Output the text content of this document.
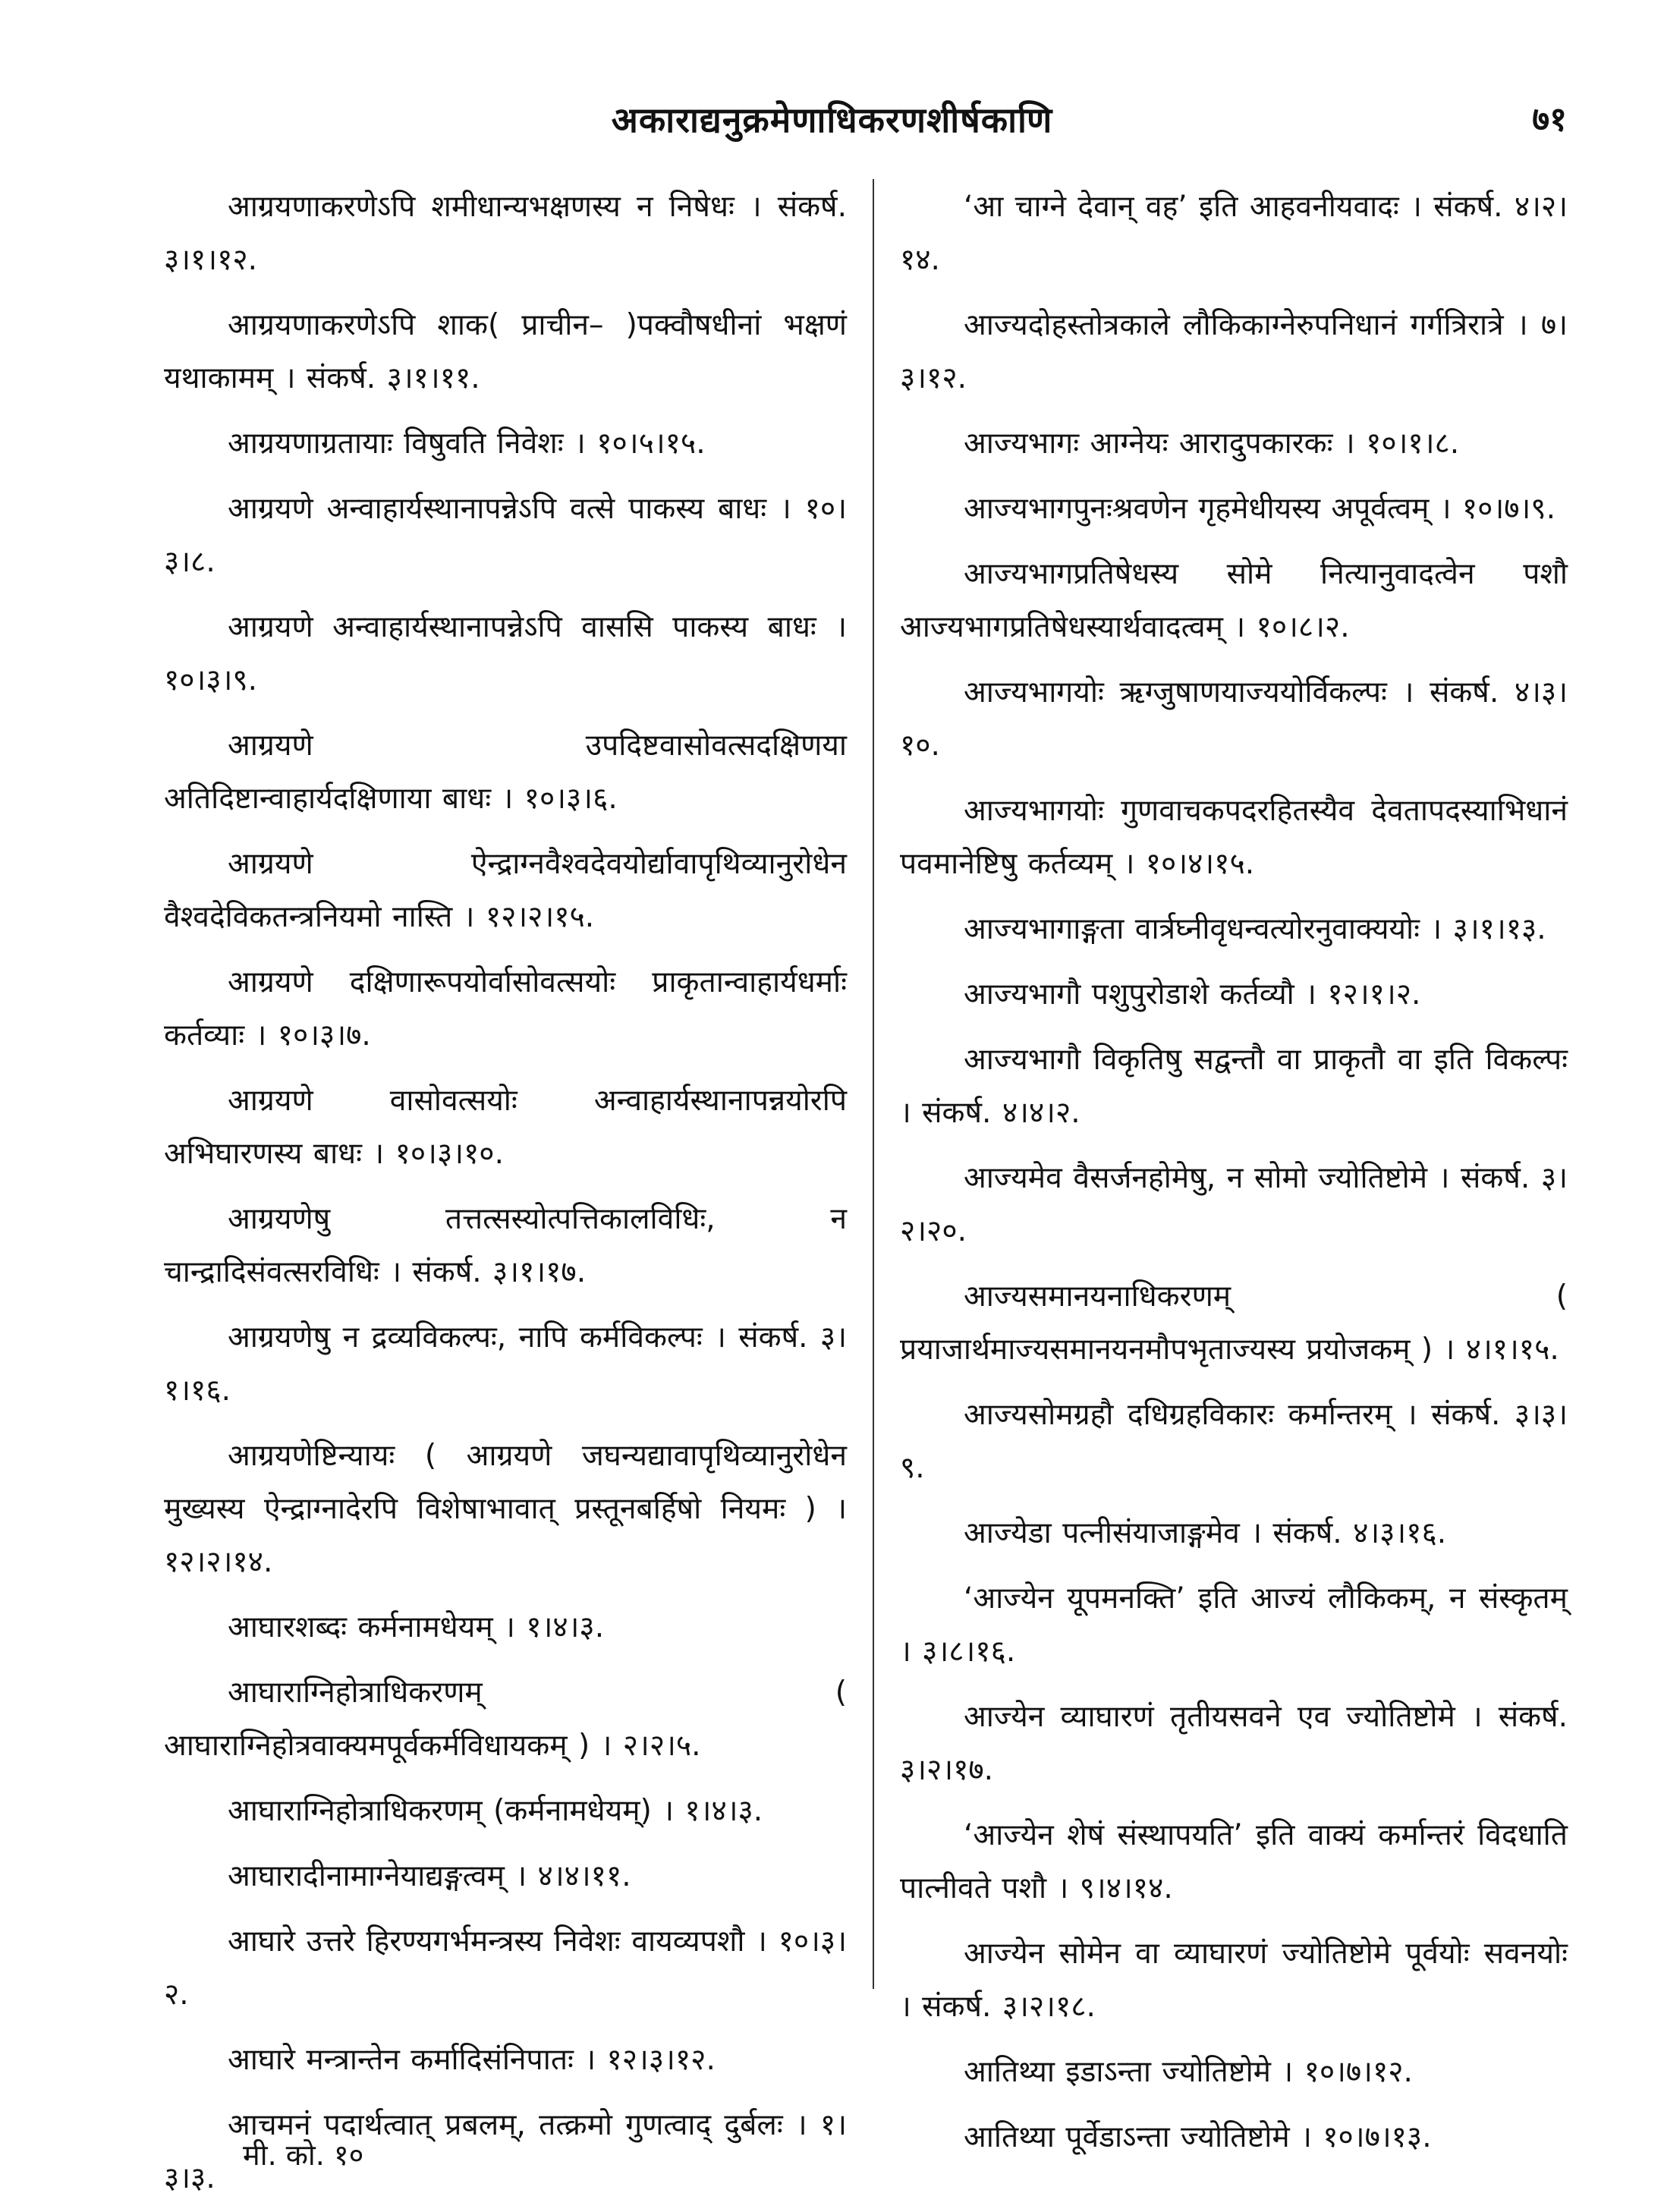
अकाराद्यनुक्रमेणाधिकरणशीर्षकाणि	७१

आग्रयणाकरणेऽपि शमीधान्यभक्षणस्य न निषेधः । संकर्ष. ३।१।१२.

आग्रयणाकरणेऽपि शाक( प्राचीन– )पक्वौषधीनां भक्षणं यथाकामम् । संकर्ष. ३।१।११.

आग्रयणाग्रतायाः विषुवति निवेशः । १०।५।१५.

आग्रयणे अन्वाहार्यस्थानापन्नेऽपि वत्से पाकस्य बाधः । १०।३।८.

आग्रयणे अन्वाहार्यस्थानापन्नेऽपि वाससि पाकस्य बाधः । १०।३।९.

आग्रयणे उपदिष्टवासोवत्सदक्षिणया अतिदिष्टान्वाहार्यदक्षिणाया बाधः । १०।३।६.

आग्रयणे ऐन्द्राग्नवैश्वदेवयोर्द्यावापृथिव्यानुरोधेन वैश्वदेविकतन्त्रनियमो नास्ति । १२।२।१५.

आग्रयणे दक्षिणारूपयोर्वासोवत्सयोः प्राकृतान्वाहार्यधर्माः कर्तव्याः । १०।३।७.

आग्रयणे वासोवत्सयोः अन्वाहार्यस्थानापन्नयोरपि अभिघारणस्य बाधः । १०।३।१०.

आग्रयणेषु तत्तत्सस्योत्पत्तिकालविधिः, न चान्द्रादिसंवत्सरविधिः । संकर्ष. ३।१।१७.

आग्रयणेषु न द्रव्यविकल्पः, नापि कर्मविकल्पः । संकर्ष. ३।१।१६.

आग्रयणेष्टिन्यायः ( आग्रयणे जघन्यद्यावापृथिव्यानुरोधेन मुख्यस्य ऐन्द्राग्नादेरपि विशेषाभावात् प्रस्तूनबर्हिषो नियमः ) । १२।२।१४.

आघारशब्दः कर्मनामधेयम् । १।४।३.

आघाराग्निहोत्राधिकरणम् ( आघाराग्निहोत्रवाक्यमपूर्वकर्मविधायकम् ) । २।२।५.

आघाराग्निहोत्राधिकरणम् (कर्मनामधेयम्) । १।४।३.

आघारादीनामाग्नेयाद्यङ्गत्वम् । ४।४।११.

आघारे उत्तरे हिरण्यगर्भमन्त्रस्य निवेशः वायव्यपशौ । १०।३।२.

आघारे मन्त्रान्तेन कर्मादिसंनिपातः । १२।३।१२.

आचमनं पदार्थत्वात् प्रबलम्, तत्क्रमो गुणत्वाद् दुर्बलः । १।३।३.

‘आ चाग्ने देवान् वह’ इति आहवनीयवादः । संकर्ष. ४।२।१४.

आज्यदोहस्तोत्रकाले लौकिकाग्नेरुपनिधानं गर्गत्रिरात्रे । ७।३।१२.

आज्यभागः आग्नेयः आरादुपकारकः । १०।१।८.

आज्यभागपुनःश्रवणेन गृहमेधीयस्य अपूर्वत्वम् । १०।७।९.

आज्यभागप्रतिषेधस्य सोमे नित्यानुवादत्वेन पशौ आज्यभागप्रतिषेधस्यार्थवादत्वम् । १०।८।२.

आज्यभागयोः ऋग्जुषाणयाज्ययोर्विकल्पः । संकर्ष. ४।३।१०.

आज्यभागयोः गुणवाचकपदरहितस्यैव देवतापदस्याभिधानं पवमानेष्टिषु कर्तव्यम् । १०।४।१५.

आज्यभागाङ्गता वार्त्रघ्नीवृधन्वत्योरनुवाक्ययोः । ३।१।१३.

आज्यभागौ पशुपुरोडाशे कर्तव्यौ । १२।१।२.

आज्यभागौ विकृतिषु सद्वन्तौ वा प्राकृतौ वा इति विकल्पः । संकर्ष. ४।४।२.

आज्यमेव वैसर्जनहोमेषु, न सोमो ज्योतिष्टोमे । संकर्ष. ३।२।२०.

आज्यसमानयनाधिकरणम् ( प्रयाजार्थमाज्यसमानयनमौपभृताज्यस्य प्रयोजकम् ) । ४।१।१५.

आज्यसोमग्रहौ दधिग्रहविकारः कर्मान्तरम् । संकर्ष. ३।३।९.

आज्येडा पत्नीसंयाजाङ्गमेव । संकर्ष. ४।३।१६.

‘आज्येन यूपमनक्ति’ इति आज्यं लौकिकम्, न संस्कृतम् । ३।८।१६.

आज्येन व्याघारणं तृतीयसवने एव ज्योतिष्टोमे । संकर्ष. ३।२।१७.

‘आज्येन शेषं संस्थापयति’ इति वाक्यं कर्मान्तरं विदधाति पात्नीवते पशौ । ९।४।१४.

आज्येन सोमेन वा व्याघारणं ज्योतिष्टोमे पूर्वयोः सवनयोः । संकर्ष. ३।२।१८.

आतिथ्या इडाऽन्ता ज्योतिष्टोमे । १०।७।१२.

आतिथ्या पूर्वेडाऽन्ता ज्योतिष्टोमे । १०।७।१३.

मी. को. १०
